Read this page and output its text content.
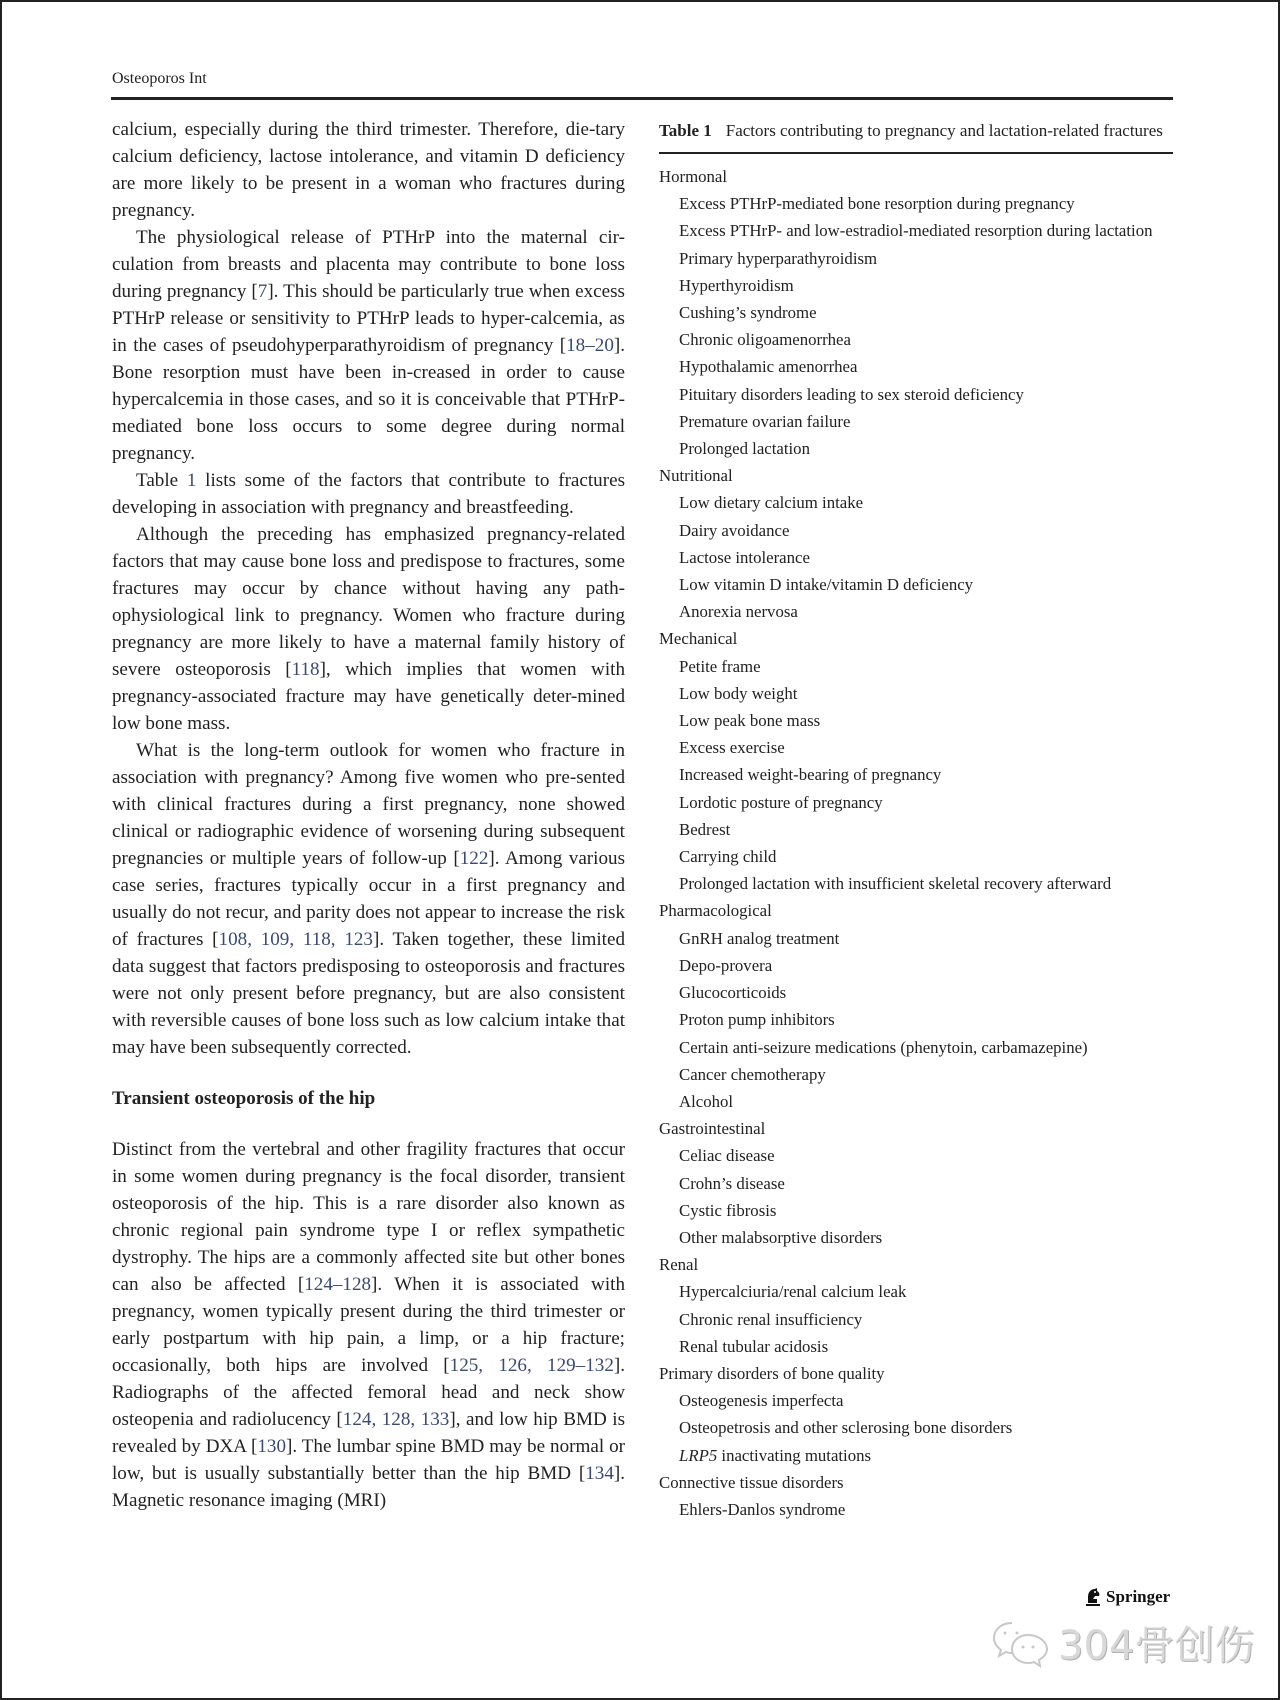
Osteoporos Int

calcium, especially during the third trimester. Therefore, die-tary calcium deficiency, lactose intolerance, and vitamin D deficiency are more likely to be present in a woman who fractures during pregnancy.

The physiological release of PTHrP into the maternal cir-culation from breasts and placenta may contribute to bone loss during pregnancy [7]. This should be particularly true when excess PTHrP release or sensitivity to PTHrP leads to hyper-calcemia, as in the cases of pseudohyperparathyroidism of pregnancy [18–20]. Bone resorption must have been in-creased in order to cause hypercalcemia in those cases, and so it is conceivable that PTHrP-mediated bone loss occurs to some degree during normal pregnancy.

Table 1 lists some of the factors that contribute to fractures developing in association with pregnancy and breastfeeding.

Although the preceding has emphasized pregnancy-related factors that may cause bone loss and predispose to fractures, some fractures may occur by chance without having any path-ophysiological link to pregnancy. Women who fracture during pregnancy are more likely to have a maternal family history of severe osteoporosis [118], which implies that women with pregnancy-associated fracture may have genetically deter-mined low bone mass.

What is the long-term outlook for women who fracture in association with pregnancy? Among five women who pre-sented with clinical fractures during a first pregnancy, none showed clinical or radiographic evidence of worsening during subsequent pregnancies or multiple years of follow-up [122]. Among various case series, fractures typically occur in a first pregnancy and usually do not recur, and parity does not appear to increase the risk of fractures [108, 109, 118, 123]. Taken together, these limited data suggest that factors predisposing to osteoporosis and fractures were not only present before pregnancy, but are also consistent with reversible causes of bone loss such as low calcium intake that may have been subsequently corrected.

Transient osteoporosis of the hip

Distinct from the vertebral and other fragility fractures that occur in some women during pregnancy is the focal disorder, transient osteoporosis of the hip. This is a rare disorder also known as chronic regional pain syndrome type I or reflex sympathetic dystrophy. The hips are a commonly affected site but other bones can also be affected [124–128]. When it is associated with pregnancy, women typically present during the third trimester or early postpartum with hip pain, a limp, or a hip fracture; occasionally, both hips are involved [125, 126, 129–132]. Radiographs of the affected femoral head and neck show osteopenia and radiolucency [124, 128, 133], and low hip BMD is revealed by DXA [130]. The lumbar spine BMD may be normal or low, but is usually substantially better than the hip BMD [134]. Magnetic resonance imaging (MRI)

Table 1 Factors contributing to pregnancy and lactation-related fractures
Hormonal
Excess PTHrP-mediated bone resorption during pregnancy
Excess PTHrP- and low-estradiol-mediated resorption during lactation
Primary hyperparathyroidism
Hyperthyroidism
Cushing’s syndrome
Chronic oligoamenorrhea
Hypothalamic amenorrhea
Pituitary disorders leading to sex steroid deficiency
Premature ovarian failure
Prolonged lactation
Nutritional
Low dietary calcium intake
Dairy avoidance
Lactose intolerance
Low vitamin D intake/vitamin D deficiency
Anorexia nervosa
Mechanical
Petite frame
Low body weight
Low peak bone mass
Excess exercise
Increased weight-bearing of pregnancy
Lordotic posture of pregnancy
Bedrest
Carrying child
Prolonged lactation with insufficient skeletal recovery afterward
Pharmacological
GnRH analog treatment
Depo-provera
Glucocorticoids
Proton pump inhibitors
Certain anti-seizure medications (phenytoin, carbamazepine)
Cancer chemotherapy
Alcohol
Gastrointestinal
Celiac disease
Crohn’s disease
Cystic fibrosis
Other malabsorptive disorders
Renal
Hypercalciuria/renal calcium leak
Chronic renal insufficiency
Renal tubular acidosis
Primary disorders of bone quality
Osteogenesis imperfecta
Osteopetrosis and other sclerosing bone disorders
LRP5 inactivating mutations
Connective tissue disorders
Ehlers-Danlos syndrome
Springer
304骨创伤
